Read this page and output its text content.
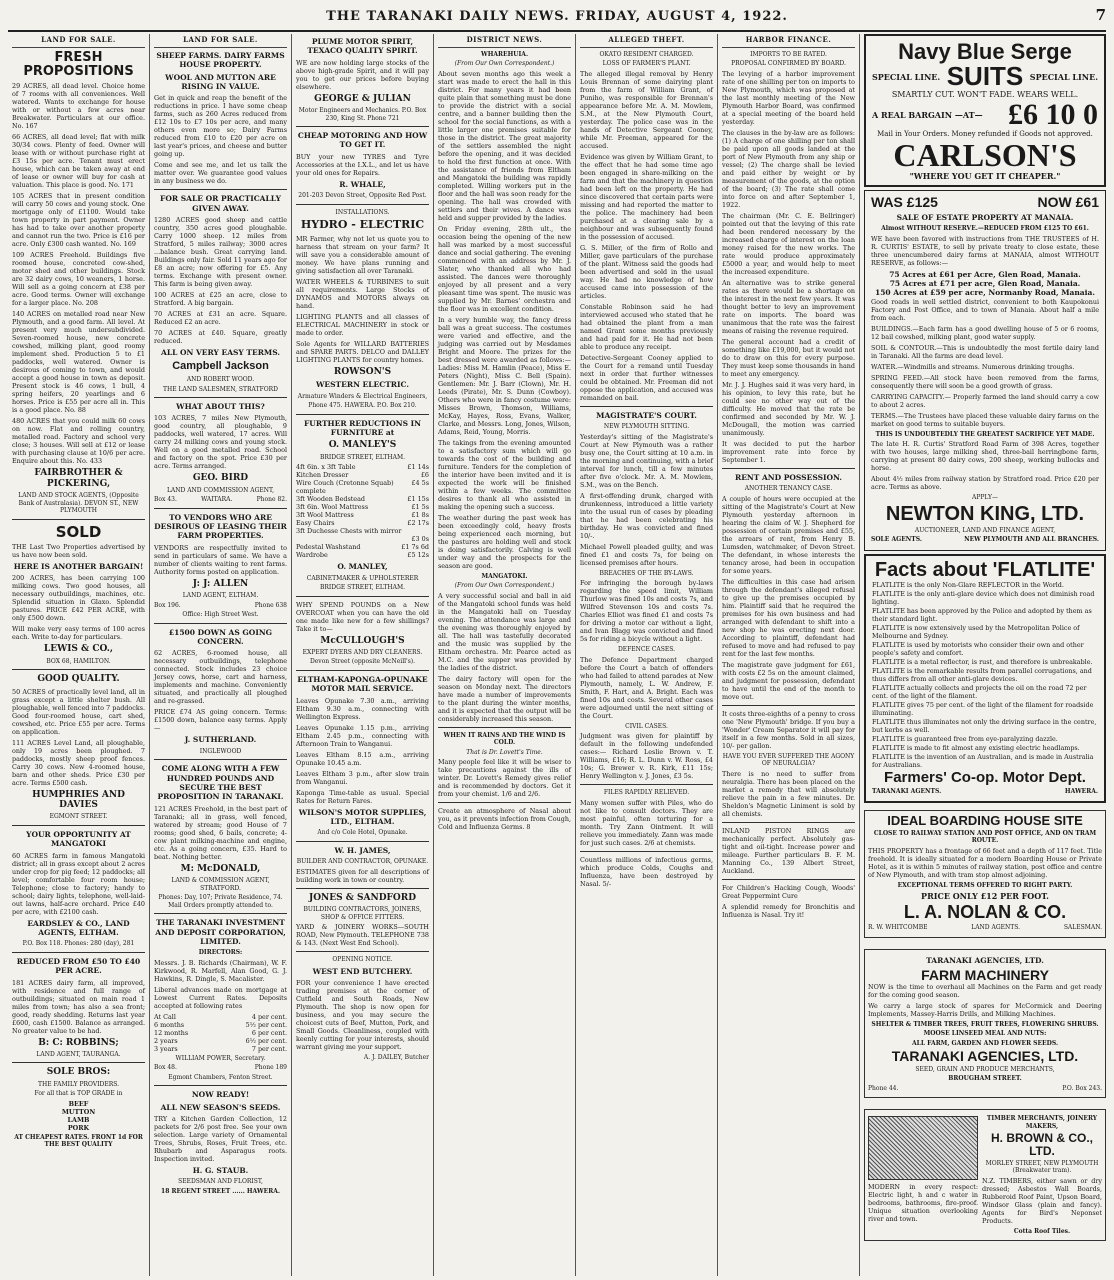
THE TARANAKI DAILY NEWS. FRIDAY, AUGUST 4, 1922.	7
LAND FOR SALE.
FRESH PROPOSITIONS

29 ACRES, all dead level. Choice home of 7 rooms with all conveniences. Well watered. Wants to exchange for house with or without a few acres near Breakwater. Particulars at our office. No. 167

66 ACRES, all dead level; flat with milk 30/34 cows. Plenty of feed. Owner will lease with or without purchase right at £3 15s per acre. Tenant must erect house, which can be taken away at end of lease or owner will buy for cash at valuation. This place is good. No. 171

105 ACRES that in present condition will carry 50 cows and young stock. One mortgage only of £1100. Would take town property in part payment. Owner has had to take over another property and cannot run the two. Price is £16 per acre. Only £300 cash wanted. No. 169

109 ACRES Freehold. Buildings five roomed house, concreted cow-shed, motor shed and other buildings. Stock are 32 dairy cows, 10 weaners, 1 horse. Will sell as a going concern at £38 per acre. Good terms. Owner will exchange for a larger place. No. 208

140 ACRES on metalled road near New Plymouth, and a good farm. All level. At present very much undersubdivided. Seven-roomed house, new concrete cowshed, milking plant, good roomy implement shed. Production 5 to £1 paddocks, well watered. Owner is desirous of coming to town, and would accept a good house in town as deposit. Present stock is 46 cows, 1 bull, 4 spring heifers, 20 yearlings and 6 horses. Price is £55 per acre all in. This is a good place. No. 88

480 ACRES that you could milk 60 cows on now. Flat and rolling country, metalled road. Factory and school very close; 3 houses. Will sell at £12 or lease with purchasing clause at 10/6 per acre. Enquire about this. No. 433

FAIRBROTHER & PICKERING,
LAND AND STOCK AGENTS, (Opposite Bank of Australasia). DEVON ST., NEW PLYMOUTH
SOLD

THE Last Two Properties advertised by us have now been sold.

HERE IS ANOTHER BARGAIN!

200 ACRES, has been carrying 100 milking cows. Two good houses, all necessary outbuildings, machines, etc. Splendid situation in Glaxo. Splendid pastures. PRICE £42 PER ACRE, with only £500 down.

Will make very easy terms of 100 acres each. Write to-day for particulars.

LEWIS & CO.,
BOX 68, HAMILTON.
GOOD QUALITY.

50 ACRES of practically level land, all in grass except a little shelter bush. All ploughable, well fenced into 7 paddocks. Good four-roomed house, cart shed, cowshed, etc. Price £55 per acre. Terms on application.

111 ACRES Level Land, all ploughable, only 19 acres been ploughed. 7 paddocks, mostly sheep proof fences. Carry 30 cows. New 4-roomed house, barn and other sheds. Price £30 per acre. Terms £500 cash.

HUMPHRIES AND DAVIES
EGMONT STREET.
YOUR OPPORTUNITY AT MANGATOKI

60 ACRES farm in famous Mangatoki district; all in grass except about 2 acres under crop for pig feed; 12 paddocks; all level; comfortable four room house; Telephone; close to factory; handy to school; dairy lights, telephone, well-laid-out lawns, half-acre orchard. Price £40 per acre, with £2100 cash.

EARDSLEY & CO., LAND AGENTS, ELTHAM.
P.O. Box 118. Phones: 280 (day), 281
REDUCED FROM £50 TO £40 PER ACRE.

181 ACRES dairy farm, all improved, with residence and full range of outbuildings; situated on main road 1 miles from town; has also a sea front; good, ready shedding. Returns last year £600, cash £1500. Balance as arranged. No greater value to be had.

B: C: ROBBINS;
LAND AGENT, TAURANGA.
SOLE BROS:
THE FAMILY PROVIDERS.
For all that is TOP GRADE in
BEEF
MUTTON
LAMB
PORK
AT CHEAPEST RATES. FRONT 1d FOR THE BEST QUALITY
LAND FOR SALE.
SHEEP FARMS. DAIRY FARMS HOUSE PROPERTY.
WOOL AND MUTTON ARE RISING IN VALUE.

Get in quick and reap the benefit of the reductions in price. I have some cheap farms, such as 260 Acres reduced from £12 10s to £7 10s per acre, and many others even more so; Dairy Farms reduced from £10 to £20 per acre on last year's prices, and cheese and butter going up.

Come and see me, and let us talk the matter over. We guarantee good values in any business we do.

FOR SALE OR PRACTICALLY GIVEN AWAY.

1280 ACRES good sheep and cattle country, 350 acres good ploughable. Carry 1000 sheep. 12 miles from Stratford, 5 miles railway; 3000 acres ...balance bush. Great carrying land. Buildings only fair. Sold 11 years ago for £8 an acre; now offering for £5. Any terms. Exchange with present owner. This farm is being given away.

100 ACRES at £25 an acre, close to Stratford. A big bargain.

70 ACRES at £31 an acre. Square. Reduced £2 an acre.

70 ACRES at £40. Square, greatly reduced.

ALL ON VERY EASY TERMS.
Campbell Jackson
AND ROBERT WOOD.
THE LAND SALESMEN, STRATFORD
WHAT ABOUT THIS?

103 ACRES, 7 miles New Plymouth, good country, all ploughable, 9 paddocks, well watered, 17 acres. Will carry 24 milking cows and young stock. Well on a good metalled road. School and factory on the spot. Price £30 per acre. Terms arranged.

GEO. BIRD
LAND AND COMMISSION AGENT,
Box 43.	WAITARA.	Phone 82.
TO VENDORS WHO ARE DESIROUS OF LEASING THEIR FARM PROPERTIES.

VENDORS are respectfully invited to send in particulars of same. We have a number of clients waiting to rent farms. Authority forms posted on application.

J: J: ALLEN
LAND AGENT, ELTHAM.
Box 196.	Phone 638
Office: High Street West.
£1500 DOWN AS GOING CONCERN.

62 ACRES, 6-roomed house, all necessary outbuildings, telephone connected. Stock includes 23 choice Jersey cows, horse, cart and harness, implements and machine. Conveniently situated, and practically all ploughed and re-grassed.

PRICE £74 AS going concern. Terms: £1500 down, balance easy terms. Apply—

J. SUTHERLAND.
INGLEWOOD
COME ALONG WITH A FEW HUNDRED POUNDS AND SECURE THE BEST PROPOSITION IN TARANAKI.

121 ACRES Freehold, in the best part of Taranaki; all in grass, well fenced, watered by stream; good House of 7 rooms; good shed, 6 bails, concrete; 4-cow plant milking-machine and engine, etc. As a going concern, £35. Hard to beat. Nothing better.

M: McDONALD,
LAND & COMMISSION AGENT, STRATFORD.
Phones: Day, 107; Private Residence, 74. Mail Orders promptly attended to.
THE TARANAKI INVESTMENT AND DEPOSIT CORPORATION, LIMITED.
DIRECTORS:

Messrs. J. B. Richards (Chairman), W. F. Kirkwood, R. Marfell, Alan Good, G. J. Hawkins, R. Dingle, S. Macalister.

Liberal advances made on mortgage at Lowest Current Rates. Deposits accepted at following rates

At Call	4 per cent.
6 months	5½ per cent.
12 months	6 per cent.
2 years	6½ per cent.
3 years	7 per cent.
WILLIAM POWER, Secretary.
Box 48.	Phone 189
Egmont Chambers, Fenton Street.
NOW READY!
ALL NEW SEASON'S SEEDS.

TRY a Kitchen Garden Collection, 12 packets for 2/6 post free. See your own selection. Large variety of Ornamental Trees, Shrubs, Roses, Fruit Trees, etc. Rhubarb and Asparagus roots. Inspection invited.

H. G. STAUB.
SEEDSMAN AND FLORIST,
18 REGENT STREET ...... HAWERA.
PLUME MOTOR SPIRIT, TEXACO QUALITY SPIRIT.

WE are now holding large stocks of the above high-grade Spirit, and it will pay you to get our prices before buying elsewhere.

GEORGE & JULIAN
Motor Engineers and Mechanics. P.O. Box 230, King St. Phone 721
CHEAP MOTORING AND HOW TO GET IT.

BUY your new TYRES and Tyre Accessories at the I.X.L., and let us have your old ones for Repairs.

R. WHALE,
201-203 Devon Street, Opposite Red Post.
INSTALLATIONS.
HYDRO - ELECTRIC

MR Farmer, why not let us quote you to harness that stream on your farm? It will save you a considerable amount of money. We have plans running and giving satisfaction all over Taranaki.

WATER WHEELS & TURBINES to suit all requirements. Large Stocks of DYNAMOS and MOTORS always on hand.

LIGHTING PLANTS and all classes of ELECTRICAL MACHINERY in stock or made to order.

Sole Agents for WILLARD BATTERIES and SPARE PARTS. DELCO and DALLEY LIGHTING PLANTS for country homes.

ROWSON'S
WESTERN ELECTRIC.
Armature Winders & Electrical Engineers,
Phone 475. HAWERA. P.O. Box 210.
FURTHER REDUCTIONS IN FURNITURE at
O. MANLEY'S
BRIDGE STREET, ELTHAM.
4ft 6in. x 3ft Table	£1 14s
Kitchen Dresser	£6
Wire Couch (Cretonne Squab)	£4 5s
complete
3ft Wooden Bedstead	£1 15s
3ft 6in. Wool Mattress	£1 5s
3ft Wool Mattress	£1 8s
Easy Chairs	£2 17s
3ft Duchesse Chests with mirror
£3 0s
Pedestal Washstand	£1 7s 6d
Wardrobe	£5 12s
O. MANLEY,
CABINETMAKER & UPHOLSTERER
BRIDGE STREET, ELTHAM.

WHY SPEND POUNDS on a New OVERCOAT when you can have the old one made like new for a few shillings? Take it to—

McCULLOUGH'S
EXPERT DYERS AND DRY CLEANERS.
Devon Street (opposite McNeill's).
ELTHAM-KAPONGA-OPUNAKE MOTOR MAIL SERVICE.

Leaves Opunake 7.30 a.m., arriving Eltham 9.30 a.m., connecting with Wellington Express.

Leaves Opunake 1.15 p.m., arriving Eltham 2.45 p.m., connecting with Afternoon Train to Wanganui.

Leaves Eltham 8.15 a.m., arriving Opunake 10.45 a.m.

Leaves Eltham 3 p.m., after slow train from Wanganui.

Kaponga Time-table as usual. Special Rates for Return Fares.

WILSON'S MOTOR SUPPLIES, LTD., ELTHAM.
And c/o Cole Hotel, Opunake.
W. H. JAMES,
BUILDER AND CONTRACTOR, OPUNAKE.

ESTIMATES given for all descriptions of building work in town or country.

JONES & SANDFORD
BUILDING CONTRACTORS, JOINERS, SHOP & OFFICE FITTERS.

YARD & JOINERY WORKS—SOUTH ROAD, New Plymouth. TELEPHONE 738 & 143. (Next West End School).

OPENING NOTICE.
WEST END BUTCHERY.

FOR your convenience I have erected trading premises at the corner of Cutfield and South Roads, New Plymouth. The shop is now open for business, and you may secure the choicest cuts of Beef, Mutton, Pork, and Small Goods. Cleanliness, coupled with keenly cutting for your interests, should warrant giving me your support.

A. J. DAILEY, Butcher
DISTRICT NEWS.
WHAREHUIA.
(From Our Own Correspondent.)

About seven months ago this week a start was made to erect the hall in this district. For many years it had been quite plain that something must be done to provide the district with a social centre, and a banner building then the school for the social functions, as with a little larger one premises suitable for those in the district. The great majority of the settlers assembled the night before the opening, and it was decided to hold the first function at once. With the assistance of friends from Eltham and Mangatoki the building was rapidly completed. Willing workers put in the floor and the hall was soon ready for the opening. The hall was crowded with settlers and their wives. A dance was held and supper provided by the ladies.

On Friday evening, 28th ult., the occasion being the opening of the new hall was marked by a most successful dance and social gathering. The evening commenced with an address by Mr. J. Slater, who thanked all who had assisted. The dances were thoroughly enjoyed by all present and a very pleasant time was spent. The music was supplied by Mr. Barnes' orchestra and the floor was in excellent condition.

In a very humble way, the fancy dress ball was a great success. The costumes were varied and effective, and the judging was carried out by Mesdames Bright and Moore. The prizes for the best dressed were awarded as follows:—Ladies: Miss M. Hamlin (Peace), Miss E. Peters (Night), Miss C. Bell (Spain). Gentlemen: Mr. J. Barr (Clown), Mr. H. Leeds (Pirate), Mr. S. Dunn (Cowboy). Others who were in fancy costume were: Misses Brown, Thomson, Williams, McKay, Hayes, Ross, Evans, Walker, Clarke, and Messrs. Long, Jones, Wilson, Adams, Reid, Young, Morris.

The takings from the evening amounted to a satisfactory sum which will go towards the cost of the building and furniture. Tenders for the completion of the interior have been invited and it is expected the work will be finished within a few weeks. The committee desires to thank all who assisted in making the opening such a success.

The weather during the past week has been exceedingly cold, heavy frosts being experienced each morning, but the pastures are holding well and stock is doing satisfactorily. Calving is well under way and the prospects for the season are good.

MANGATOKI.
(From Our Own Correspondent.)

A very successful social and ball in aid of the Mangatoki school funds was held in the Mangatoki hall on Tuesday evening. The attendance was large and the evening was thoroughly enjoyed by all. The hall was tastefully decorated and the music was supplied by the Eltham orchestra. Mr. Pearce acted as M.C. and the supper was provided by the ladies of the district.

The dairy factory will open for the season on Monday next. The directors have made a number of improvements to the plant during the winter months, and it is expected that the output will be considerably increased this season.

WHEN IT RAINS AND THE WIND IS COLD.
That is Dr. Lovett's Time.

Many people feel like it will be wiser to take precautions against the ills of winter. Dr. Lovett's Remedy gives relief and is recommended by doctors. Get it from your chemist. 1/6 and 2/6.

Create an atmosphere of Nasal about you, as it prevents infection from Cough, Cold and Influenza Germs. 8

ALLEGED THEFT.
OKATO RESIDENT CHARGED.
LOSS OF FARMER'S PLANT.

The alleged illegal removal by Henry Louis Brennan of some dairying plant from the farm of William Grant, of Puniho, was responsible for Brennan's appearance before Mr. A. M. Mowlem, S.M., at the New Plymouth Court, yesterday. The police case was in the hands of Detective Sergeant Cooney, while Mr. Freeman, appeared for the accused.

Evidence was given by William Grant, to the effect that he had some time ago been engaged in share-milking on the farm and that the machinery in question had been left on the property. He had since discovered that certain parts were missing and had reported the matter to the police. The machinery had been purchased at a clearing sale by a neighbour and was subsequently found in the possession of accused.

G. S. Miller, of the firm of Rollo and Miller, gave particulars of the purchase of the plant. Witness said the goods had been advertised and sold in the usual way. He had no knowledge of how accused came into possession of the articles.

Constable Robinson said he had interviewed accused who stated that he had obtained the plant from a man named Grant some months previously and had paid for it. He had not been able to produce any receipt.

Detective-Sergeant Cooney applied to the Court for a remand until Tuesday next in order that further witnesses could be obtained. Mr. Freeman did not oppose the application, and accused was remanded on bail.

MAGISTRATE'S COURT.
NEW PLYMOUTH SITTING.

Yesterday's sitting of the Magistrate's Court at New Plymouth was a rather busy one, the Court sitting at 10 a.m. in the morning and continuing, with a brief interval for lunch, till a few minutes after five o'clock. Mr. A. M. Mowlem, S.M., was on the Bench.

A first-offending drunk, charged with drunkenness, introduced a little variety into the usual run of cases by pleading that he had been celebrating his birthday. He was convicted and fined 10/-.

Michael Powell pleaded guilty, and was fined £1 and costs 7s, for being on licensed premises after hours.

BREACHES OF THE BY-LAWS.

For infringing the borough by-laws regarding the speed limit, William Thurlow was fined 10s and costs 7s, and Wilfred Stevenson 10s and costs 7s. Charles Elliot was fined £1 and costs 7s for driving a motor car without a light, and Ivan Blagg was convicted and fined 5s for riding a bicycle without a light.

DEFENCE CASES.

The Defence Department charged before the Court a batch of offenders who had failed to attend parades at New Plymouth, namely, L. W. Andrew, F. Smith, F. Hart, and A. Bright. Each was fined 10s and costs. Several other cases were adjourned until the next sitting of the Court.

CIVIL CASES.

Judgment was given for plaintiff by default in the following undefended cases:— Richard Leslie Brown v. T. Williams, £16; R. L. Dunn v. W. Ross, £4 10s; G. Brewer v. R. Kirk, £11 15s; Henry Wellington v. J. Jones, £3 5s.

FILES RAPIDLY RELIEVED.

Many women suffer with Piles, who do not like to consult doctors. They are most painful, often torturing for a month. Try Zann Ointment. It will relieve you immediately. Zann was made for just such cases. 2/6 at chemists.

Countless millions of infectious germs, which produce Colds, Coughs and Influenza, have been destroyed by Nasal. 5/-

HARBOR FINANCE.
IMPORTS TO BE RATED.
PROPOSAL CONFIRMED BY BOARD.

The levying of a harbor improvement rate of one shilling per ton on imports to New Plymouth, which was proposed at the last monthly meeting of the New Plymouth Harbor Board, was confirmed at a special meeting of the board held yesterday.

The clauses in the by-law are as follows: (1) A charge of one shilling per ton shall be paid upon all goods landed at the port of New Plymouth from any ship or vessel; (2) The charge shall be levied and paid either by weight or by measurement of the goods, at the option of the board; (3) The rate shall come into force on and after September 1, 1922.

The chairman (Mr. C. E. Bellringer) pointed out that the levying of this rate had been rendered necessary by the increased charge of interest on the loan money raised for the new works. The rate would produce approximately £5000 a year, and would help to meet the increased expenditure.

An alternative was to strike general rates as there would be a shortage on the interest in the next few years. It was thought better to levy an improvement rate on imports. The board was unanimous that the rate was the fairest means of raising the revenue required.

The general account had a credit of something like £19,000, but it would not do to draw on this for every purpose. They must keep some thousands in hand to meet any emergency.

Mr. J. J. Hughes said it was very hard, in his opinion, to levy this rate, but he could see no other way out of the difficulty. He moved that the rate be confirmed and seconded by Mr. W. J. McDougall, the motion was carried unanimously.

It was decided to put the harbor improvement rate into force by September 1.

RENT AND POSSESSION.
ANOTHER TENANCY CASE.

A couple of hours were occupied at the sitting of the Magistrate's Court at New Plymouth yesterday afternoon in hearing the claim of W. J. Shepherd for possession of certain premises and £55, the arrears of rent, from Henry B. Lumsden, watchmaker, of Devon Street. The defendant, in whose interests the tenancy arose, had been in occupation for some years.

The difficulties in this case had arisen through the defendant's alleged refusal to give up the premises occupied by him. Plaintiff said that he required the premises for his own business and had arranged with defendant to shift into a new shop he was erecting next door. According to plaintiff, defendant had refused to move and had refused to pay rent for the last few months.

The magistrate gave judgment for £61, with costs £2 5s on the amount claimed, and judgment for possession, defendant to have until the end of the month to move out.

It costs three-eighths of a penny to cross one 'New Plymouth' bridge. If you buy a 'Wonder' Cream Separator it will pay for itself in a few months. Sold in all sizes, 10/- per gallon.

HAVE YOU EVER SUFFERED THE AGONY OF NEURALGIA?

There is no need to suffer from neuralgia. There has been placed on the market a remedy that will absolutely relieve the pain in a few minutes. Dr. Sheldon's Magnetic Liniment is sold by all chemists.

INLAND PISTON RINGS are mechanically perfect. Absolutely gas-tight and oil-tight. Increase power and mileage. Further particulars B. F. M. Manning Co., 139 Albert Street, Auckland.

For Children's Hacking Cough, Woods' Great Peppermint Cure

A splendid remedy for Bronchitis and Influenza is Nasal. Try it!

Navy Blue Serge
SPECIAL LINE. SUITS SPECIAL LINE.
SMARTLY CUT. WON'T FADE. WEARS WELL.
A REAL BARGAIN —AT— £6 10 0
Mail in Your Orders. Money refunded if Goods not approved.
CARLSON'S
"WHERE YOU GET IT CHEAPER."
WAS £125	NOW £61
SALE OF ESTATE PROPERTY AT MANAIA.
Almost WITHOUT RESERVE.—REDUCED FROM £125 TO £61.

WE have been favored with instructions from THE TRUSTEES of H. R. CURTIS' ESTATE, to sell by private treaty to close estate, these three unencumbered dairy farms at MANAIA, almost WITHOUT RESERVE, as follows:—

75 Acres at £61 per Acre, Glen Road, Manaia.
75 Acres at £71 per acre, Glen Road, Manaia.
150 Acres at £59 per acre, Normanby Road, Manaia.

Good roads in well settled district, convenient to both Kaupokonui Factory and Post Office, and to town of Manaia. About half a mile from each.

BUILDINGS.—Each farm has a good dwelling house of 5 or 6 rooms, 12 bail cowshed, milking plant, good water supply.

SOIL & CONTOUR.—This is undoubtedly the most fertile dairy land in Taranaki. All the farms are dead level.

WATER.—Windmills and streams. Numerous drinking troughs.

SPRING FEED.—All stock have been removed from the farms, consequently there will soon be a good growth of grass.

CARRYING CAPACITY.— Properly farmed the land should carry a cow to about 2 acres.

TERMS.—The Trustees have placed these valuable dairy farms on the market on good terms to suitable buyers.

THIS IS UNDOUBTEDLY THE GREATEST SACRIFICE YET MADE.

The late H. R. Curtis' Stratford Road Farm of 398 Acres, together with two houses, large milking shed, three-bail herringbone farm, carrying at present 80 dairy cows, 200 sheep, working bullocks and horse.

About 4½ miles from railway station by Stratford road. Price £20 per acre. Terms as above.

APPLY—
NEWTON KING, LTD.
AUCTIONEER, LAND AND FINANCE AGENT,
SOLE AGENTS.	NEW PLYMOUTH AND ALL BRANCHES.
Facts about 'FLATLITE'
FLATLITE is the only Non-Glare REFLECTOR in the World.
FLATLITE is the only anti-glare device which does not diminish road lighting.
FLATLITE has been approved by the Police and adopted by them as their standard light.
FLATLITE is now extensively used by the Metropolitan Police of Melbourne and Sydney.
FLATLITE is used by motorists who consider their own and other people's safety and comfort.
FLATLITE is a metal reflector, is rust, and therefore is unbreakable.
FLATLITE is the remarkable results from parallel corrugations, and thus differs from all other anti-glare devices.
FLATLITE actually collects and projects the oil on the road 72 per cent. of the light of the filament.
FLATLITE gives 75 per cent. of the light of the filament for roadside illuminating.
FLATLITE thus illuminates not only the driving surface in the centre, but kerbs as well.
FLATLITE is guaranteed free from eye-paralyzing dazzle.
FLATLITE is made to fit almost any existing electric headlamps.
FLATLITE is the invention of an Australian, and is made in Australia for Australians.
Farmers' Co-op. Motor Dept.
TARANAKI AGENTS.	HAWERA.
IDEAL BOARDING HOUSE SITE
CLOSE TO RAILWAY STATION AND POST OFFICE, AND ON TRAM ROUTE.

THIS PROPERTY has a frontage of 66 feet and a depth of 117 feet. Title freehold. It is ideally situated for a modern Boarding House or Private Hotel, as it is within 5 minutes of railway station, post office and centre of New Plymouth, and with tram stop almost adjoining.

EXCEPTIONAL TERMS OFFERED TO RIGHT PARTY.
PRICE ONLY £12 PER FOOT.
L. A. NOLAN & CO.
R. W. WHITCOMBE	LAND AGENTS.	SALESMAN.
TARANAKI AGENCIES, LTD.
FARM MACHINERY

NOW is the time to overhaul all Machines on the Farm and get ready for the coming good season.

We carry a large stock of spares for McCormick and Deering Implements, Massey-Harris Drills, and Milking Machines.

SHELTER & TIMBER TREES, FRUIT TREES, FLOWERING SHRUBS.
MOOSE LINSEED MEAL AND NUTS:
ALL FARM, GARDEN AND FLOWER SEEDS.
TARANAKI AGENCIES, LTD.
SEED, GRAIN AND PRODUCE MERCHANTS,
BROUGHAM STREET.
Phone 44.	P.O. Box 243.

MODERN in every respect: Electric light, h and c water in bedrooms, bathrooms, fire-proof. Unique situation overlooking river and town.

TIMBER MERCHANTS, JOINERY MAKERS,
H. BROWN & CO., LTD.
MORLEY STREET, NEW PLYMOUTH (Breakwater tram).

N.Z. TIMBERS, either sawn or dry dressed; Asbestos Wall Boards, Rubberoid Roof Paint, Upson Board, Windsor Glass (plain and fancy). Agents for Bird's Neponset Products.

Cotta Roof Tiles.
